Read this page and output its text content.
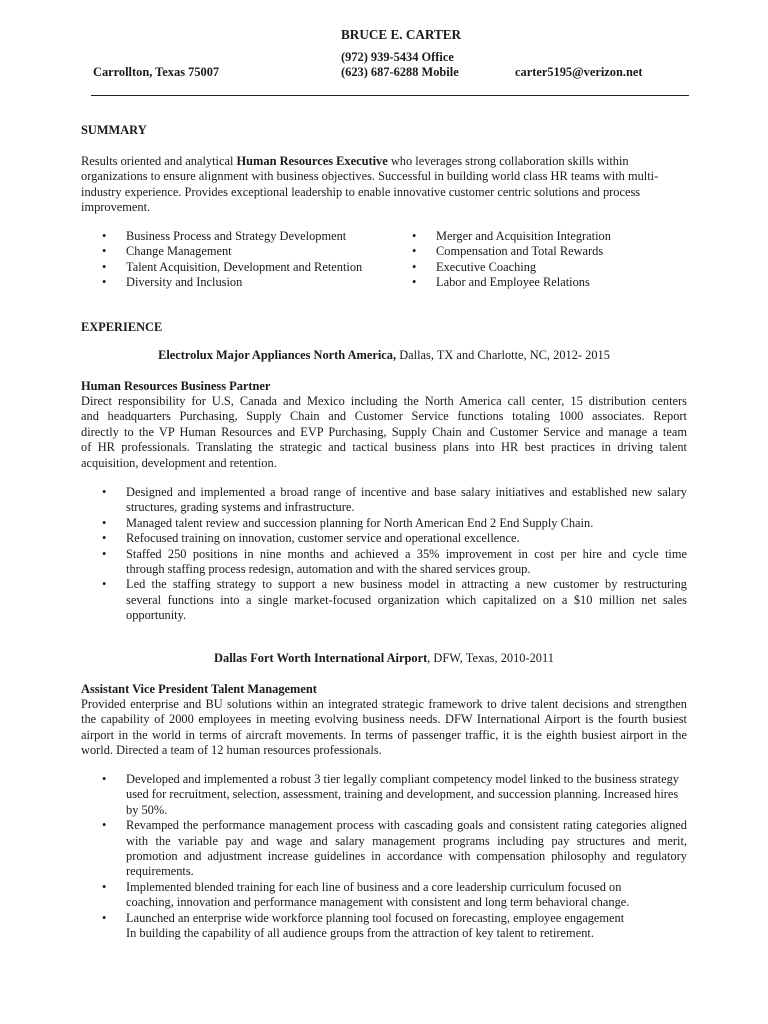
BRUCE E. CARTER
(972) 939-5434 Office
(623) 687-6288 Mobile
Carrollton, Texas 75007	carter5195@verizon.net
SUMMARY
Results oriented and analytical Human Resources Executive who leverages strong collaboration skills within
organizations to ensure alignment with business objectives. Successful in building world class HR teams with multi-
industry experience. Provides exceptional leadership to enable innovative customer centric solutions and process
improvement.
• Business Process and Strategy Development
• Change Management
• Talent Acquisition, Development and Retention
• Diversity and Inclusion
• Merger and Acquisition Integration
• Compensation and Total Rewards
• Executive Coaching
• Labor and Employee Relations
EXPERIENCE
Electrolux Major Appliances North America, Dallas, TX and Charlotte, NC, 2012- 2015
Human Resources Business Partner
Direct responsibility for U.S, Canada and Mexico including the North America call center, 15 distribution centers
and headquarters Purchasing, Supply Chain and Customer Service functions totaling 1000 associates. Report
directly to the VP Human Resources and EVP Purchasing, Supply Chain and Customer Service and manage a team
of HR professionals. Translating the strategic and tactical business plans into HR best practices in driving talent
acquisition, development and retention.
• Designed and implemented a broad range of incentive and base salary initiatives and established new salary
structures, grading systems and infrastructure.
• Managed talent review and succession planning for North American End 2 End Supply Chain.
• Refocused training on innovation, customer service and operational excellence.
• Staffed 250 positions in nine months and achieved a 35% improvement in cost per hire and cycle time
through staffing process redesign, automation and with the shared services group.
• Led the staffing strategy to support a new business model in attracting a new customer by restructuring
several functions into a single market-focused organization which capitalized on a $10 million net sales
opportunity.
Dallas Fort Worth International Airport, DFW, Texas, 2010-2011
Assistant Vice President Talent Management
Provided enterprise and BU solutions within an integrated strategic framework to drive talent decisions and strengthen
the capability of 2000 employees in meeting evolving business needs. DFW International Airport is the fourth busiest
airport in the world in terms of aircraft movements. In terms of passenger traffic, it is the eighth busiest airport in the
world. Directed a team of 12 human resources professionals.
• Developed and implemented a robust 3 tier legally compliant competency model linked to the business strategy
used for recruitment, selection, assessment, training and development, and succession planning. Increased hires
by 50%.
• Revamped the performance management process with cascading goals and consistent rating categories aligned
with the variable pay and wage and salary management programs including pay structures and merit,
promotion and adjustment increase guidelines in accordance with compensation philosophy and regulatory
requirements.
• Implemented blended training for each line of business and a core leadership curriculum focused on
coaching, innovation and performance management with consistent and long term behavioral change.
• Launched an enterprise wide workforce planning tool focused on forecasting, employee engagement
In building the capability of all audience groups from the attraction of key talent to retirement.
